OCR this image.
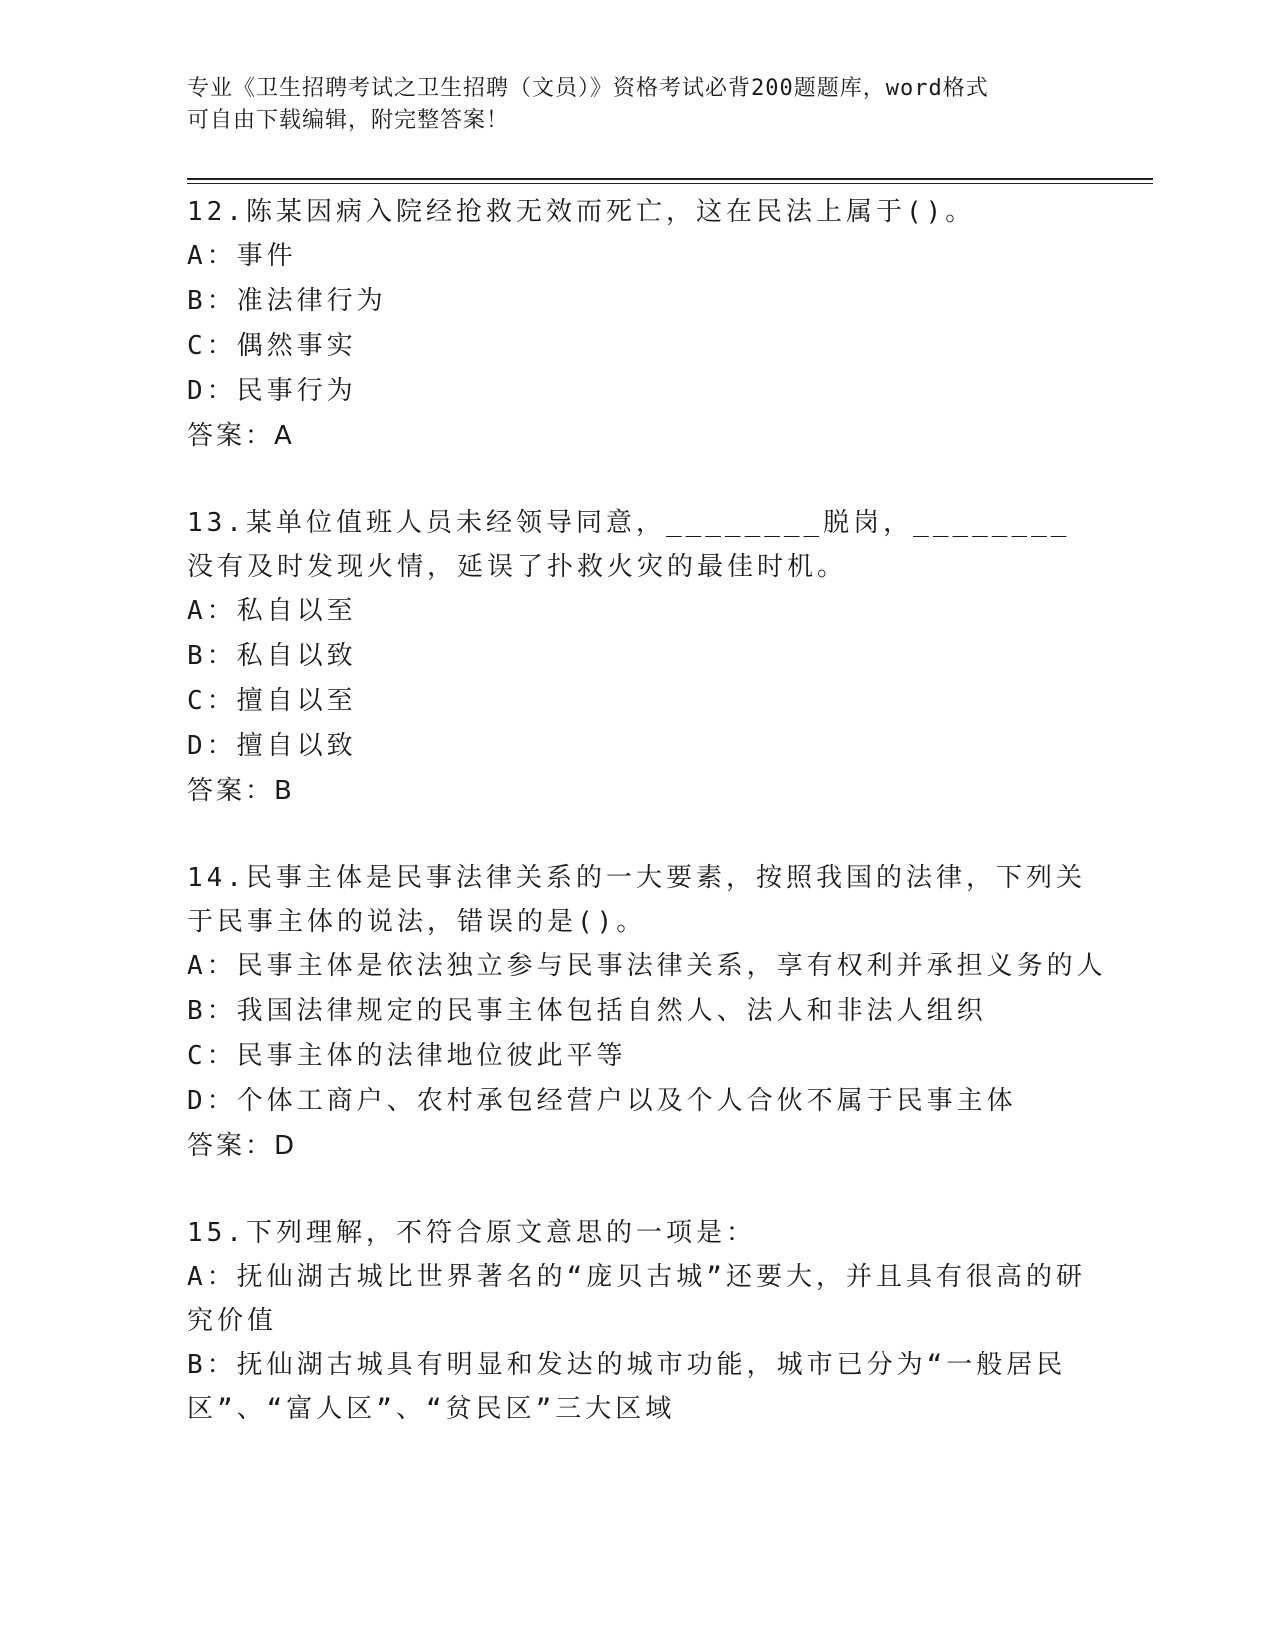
专业《卫生招聘考试之卫生招聘（文员）》资格考试必背200题题库，word格式
可自由下载编辑，附完整答案！

12.陈某因病入院经抢救无效而死亡，这在民法上属于()。

A：事件

B：准法律行为

C：偶然事实

D：民事行为

答案：A

13.某单位值班人员未经领导同意，________脱岗，________没有及时发现火情，延误了扑救火灾的最佳时机。

A：私自以至

B：私自以致

C：擅自以至

D：擅自以致

答案：B

14.民事主体是民事法律关系的一大要素，按照我国的法律，下列关于民事主体的说法，错误的是()。

A：民事主体是依法独立参与民事法律关系，享有权利并承担义务的人

B：我国法律规定的民事主体包括自然人、法人和非法人组织

C：民事主体的法律地位彼此平等

D：个体工商户、农村承包经营户以及个人合伙不属于民事主体

答案：D

15.下列理解，不符合原文意思的一项是：

A：抚仙湖古城比世界著名的“庞贝古城”还要大，并且具有很高的研究价值

B：抚仙湖古城具有明显和发达的城市功能，城市已分为“一般居民区”、“富人区”、“贫民区”三大区域
